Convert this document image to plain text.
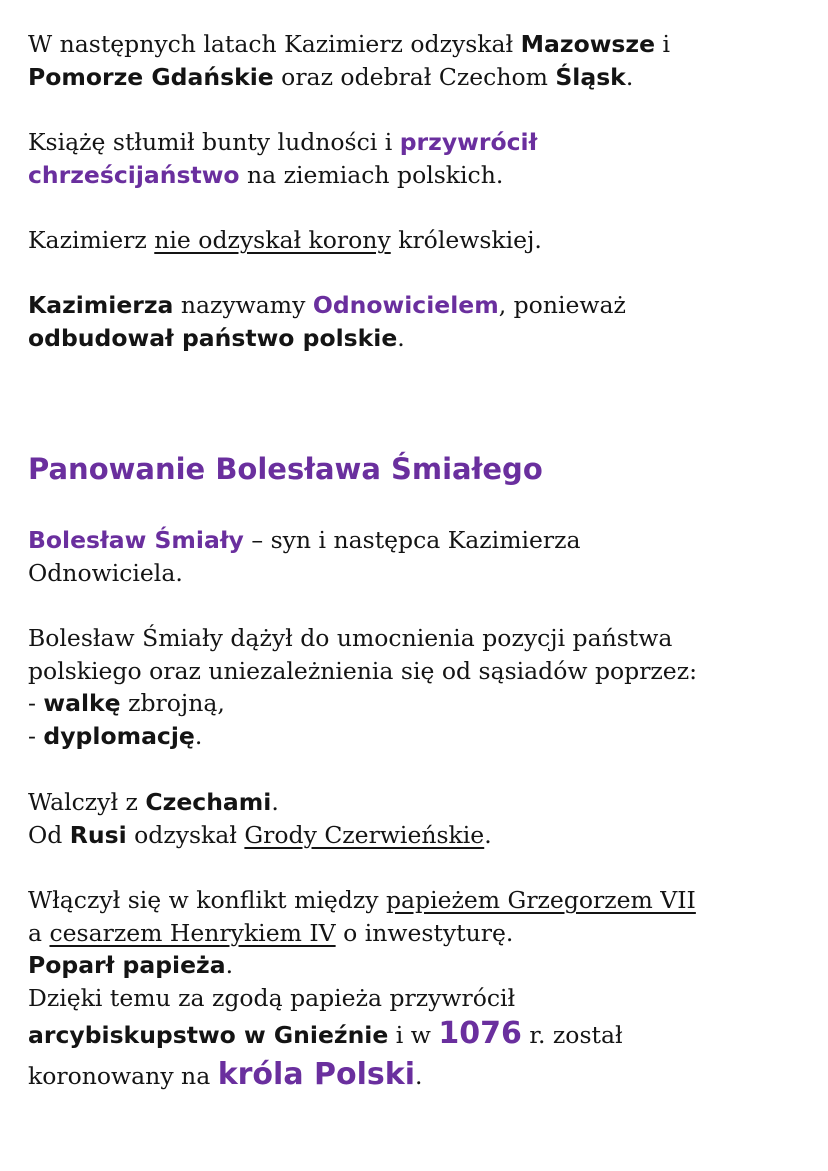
W następnych latach Kazimierz odzyskał Mazowsze i
Pomorze Gdańskie oraz odebrał Czechom Śląsk.
Książę stłumił bunty ludności i przywrócił
chrześcijaństwo na ziemiach polskich.
Kazimierz nie odzyskał korony królewskiej.
Kazimierza nazywamy Odnowicielem, ponieważ
odbudował państwo polskie.
Panowanie Bolesława Śmiałego
Bolesław Śmiały – syn i następca Kazimierza
Odnowiciela.
Bolesław Śmiały dążył do umocnienia pozycji państwa
polskiego oraz uniezależnienia się od sąsiadów poprzez:
- walkę zbrojną,
- dyplomację.
Walczył z Czechami.
Od Rusi odzyskał Grody Czerwieńskie.
Włączył się w konflikt między papieżem Grzegorzem VII
a cesarzem Henrykiem IV o inwestyturę.
Poparł papieża.
Dzięki temu za zgodą papieża przywrócił
arcybiskupstwo w Gnieźnie i w 1076 r. został
koronowany na króla Polski.
